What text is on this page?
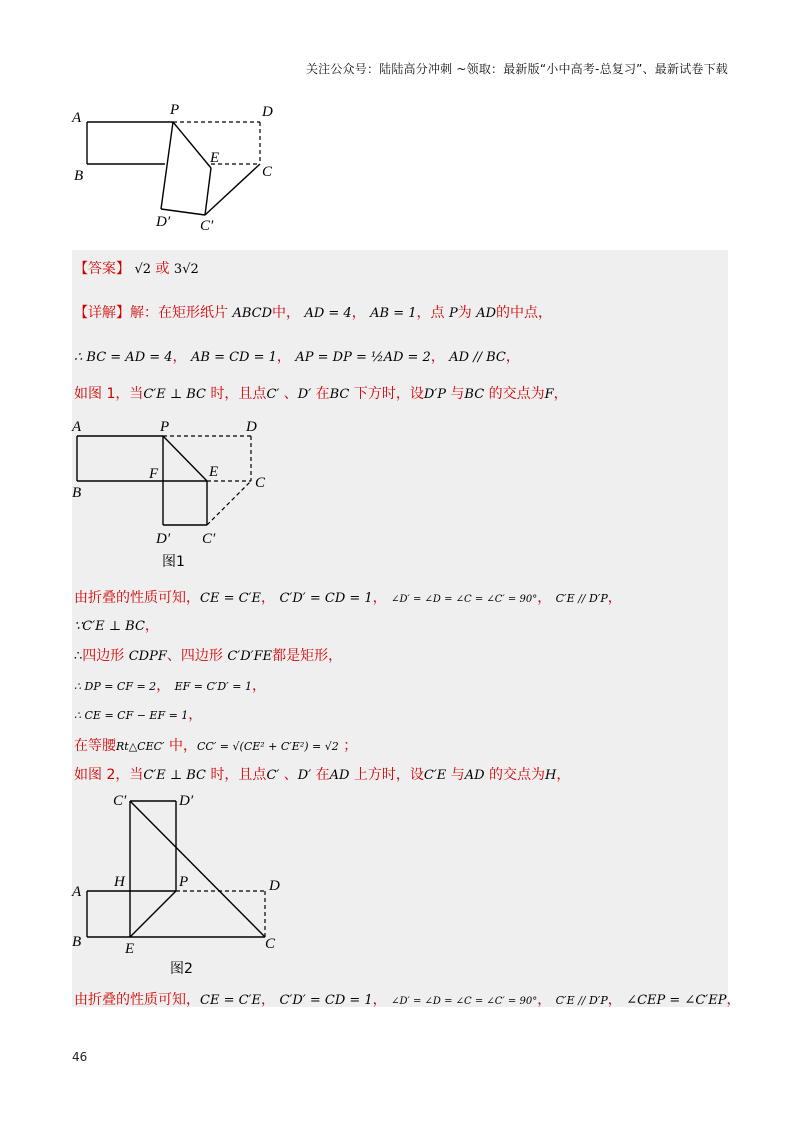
关注公众号：陆陆高分冲刺 ~领取：最新版“小中高考-总复习”、最新试卷下载
A
B
P	D
E
C
D′ C′
【答案】 √2 或 3√2
【详解】解：在矩形纸片 ABCD中， AD = 4， AB = 1，点 P为 AD的中点，
∴ BC = AD = 4， AB = CD = 1， AP = DP = ½AD = 2， AD // BC，
如图 1，当C′E ⊥ BC 时，且点C′ 、D′ 在BC 下方时，设D′P 与BC 的交点为F，
A	P	D
F	E
C
B
D′ C′
图1
由折叠的性质可知，CE = C′E， C′D′ = CD = 1， ∠D′ = ∠D = ∠C = ∠C′ = 90°， C′E // D′P，
∵C′E ⊥ BC，
∴四边形 CDPF、四边形 C′D′FE都是矩形，
∴ DP = CF = 2， EF = C′D′ = 1，
∴ CE = CF − EF = 1，
在等腰Rt△CEC′ 中，CC′ = √(CE² + C′E²) = √2 ；
如图 2，当C′E ⊥ BC 时，且点C′ 、D′ 在AD 上方时，设C′E 与AD 的交点为H，
C′	D′
A
H	P	D
B	E	C
图2
由折叠的性质可知，CE = C′E， C′D′ = CD = 1， ∠D′ = ∠D = ∠C = ∠C′ = 90°， C′E // D′P， ∠CEP = ∠C′EP，
46
